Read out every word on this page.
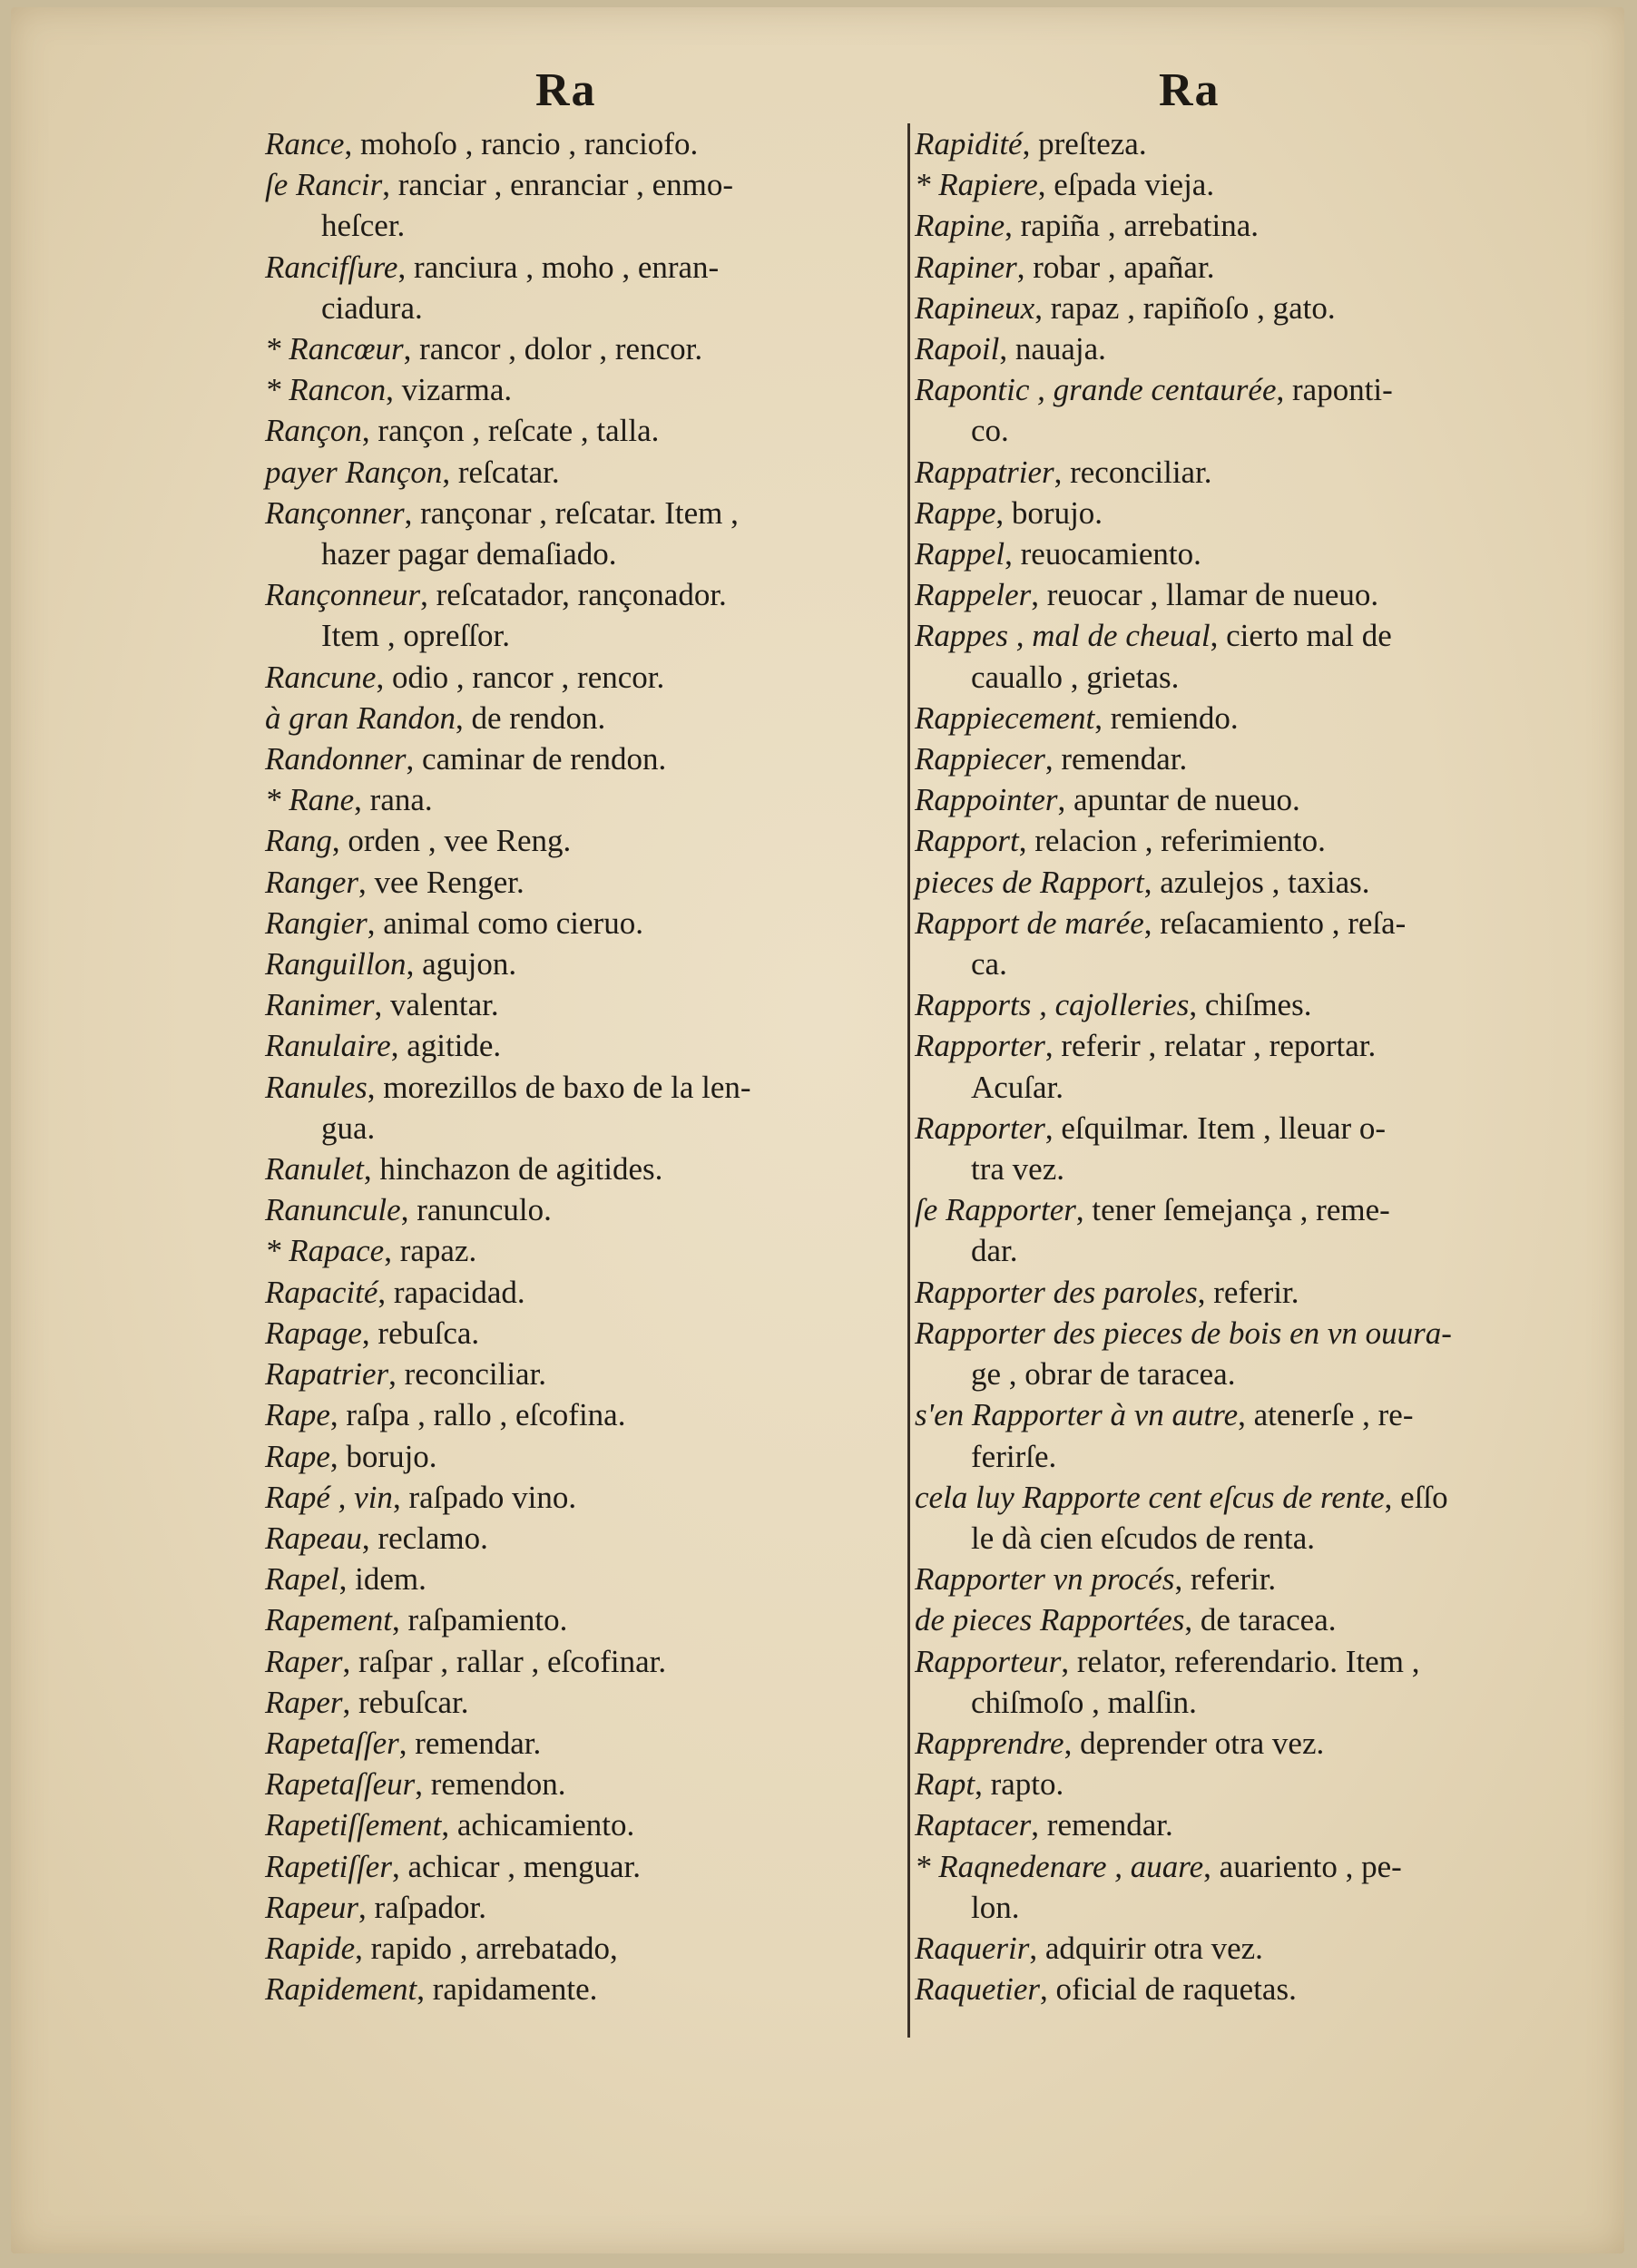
Ra	Ra
Rance, mohoſo , rancio , ranciofo.
ſe Rancir, ranciar , enranciar , enmo-
heſcer.
Rancifſure, ranciura , moho , enran-
ciadura.
* Rancœur, rancor , dolor , rencor.
* Rancon, vizarma.
Rançon, rançon , reſcate , talla.
payer Rançon, reſcatar.
Rançonner, rançonar , reſcatar. Item ,
hazer pagar demaſiado.
Rançonneur, reſcatador, rançonador.
Item , opreſſor.
Rancune, odio , rancor , rencor.
à gran Randon, de rendon.
Randonner, caminar de rendon.
* Rane, rana.
Rang, orden , vee Reng.
Ranger, vee Renger.
Rangier, animal como cieruo.
Ranguillon, agujon.
Ranimer, valentar.
Ranulaire, agitide.
Ranules, morezillos de baxo de la len-
gua.
Ranulet, hinchazon de agitides.
Ranuncule, ranunculo.
* Rapace, rapaz.
Rapacité, rapacidad.
Rapage, rebuſca.
Rapatrier, reconciliar.
Rape, raſpa , rallo , eſcofina.
Rape, borujo.
Rapé , vin, raſpado vino.
Rapeau, reclamo.
Rapel, idem.
Rapement, raſpamiento.
Raper, raſpar , rallar , eſcofinar.
Raper, rebuſcar.
Rapetaſſer, remendar.
Rapetaſſeur, remendon.
Rapetiſſement, achicamiento.
Rapetiſſer, achicar , menguar.
Rapeur, raſpador.
Rapide, rapido , arrebatado,
Rapidement, rapidamente.
Rapidité, preſteza.
* Rapiere, eſpada vieja.
Rapine, rapiña , arrebatina.
Rapiner, robar , apañar.
Rapineux, rapaz , rapiñoſo , gato.
Rapoil, nauaja.
Rapontic , grande centaurée, raponti-
co.
Rappatrier, reconciliar.
Rappe, borujo.
Rappel, reuocamiento.
Rappeler, reuocar , llamar de nueuo.
Rappes , mal de cheual, cierto mal de
cauallo , grietas.
Rappiecement, remiendo.
Rappiecer, remendar.
Rappointer, apuntar de nueuo.
Rapport, relacion , referimiento.
pieces de Rapport, azulejos , taxias.
Rapport de marée, reſacamiento , reſa-
ca.
Rapports , cajolleries, chiſmes.
Rapporter, referir , relatar , reportar.
Acuſar.
Rapporter, eſquilmar. Item , lleuar o-
tra vez.
ſe Rapporter, tener ſemejança , reme-
dar.
Rapporter des paroles, referir.
Rapporter des pieces de bois en vn ouura-
ge , obrar de taracea.
s'en Rapporter à vn autre, atenerſe , re-
ferirſe.
cela luy Rapporte cent eſcus de rente, eſſo
le dà cien eſcudos de renta.
Rapporter vn procés, referir.
de pieces Rapportées, de taracea.
Rapporteur, relator, referendario. Item ,
chiſmoſo , malſin.
Rapprendre, deprender otra vez.
Rapt, rapto.
Raptacer, remendar.
* Raqnedenare , auare, auariento , pe-
lon.
Raquerir, adquirir otra vez.
Raquetier, oficial de raquetas.
